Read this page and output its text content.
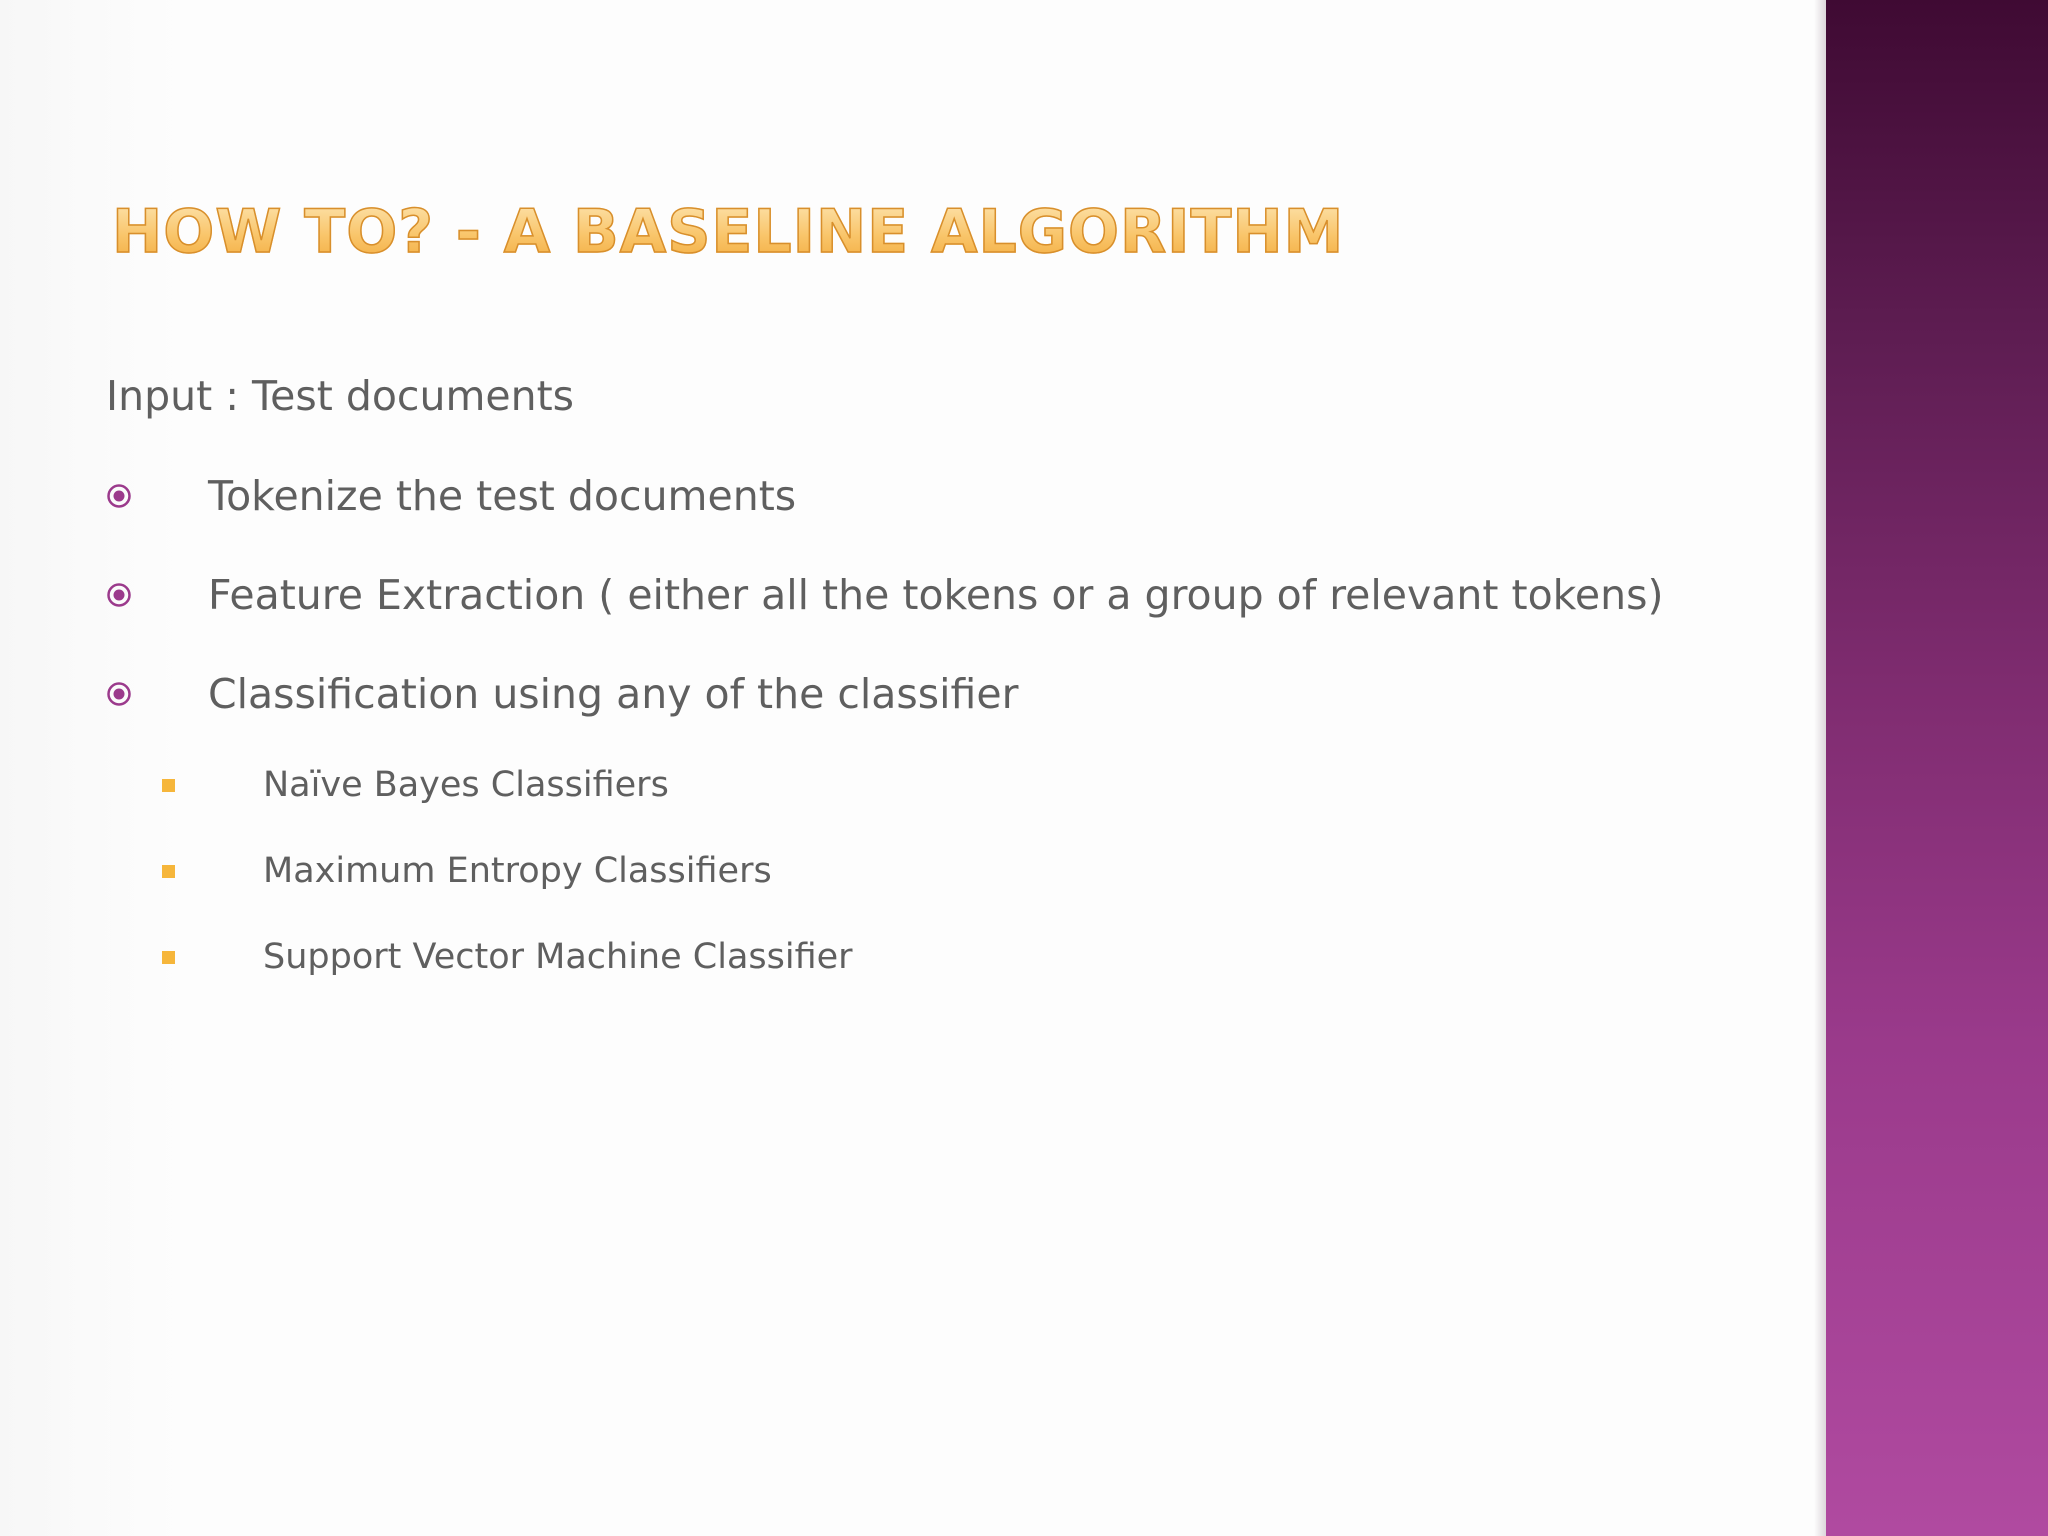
HOW TO? - A BASELINE ALGORITHM
Input : Test documents
Tokenize the test documents
Feature Extraction ( either all the tokens or a group of relevant tokens)
Classification using any of the classifier
Naïve Bayes Classifiers
Maximum Entropy Classifiers
Support Vector Machine Classifier
